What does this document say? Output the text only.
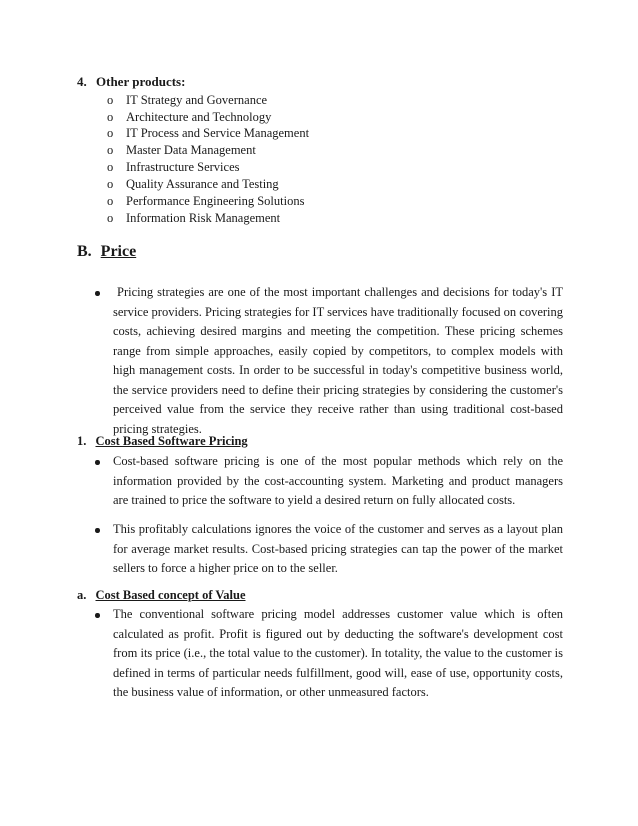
4. Other products:
o IT Strategy and Governance
o Architecture and Technology
o IT Process and Service Management
o Master Data Management
o Infrastructure Services
o Quality Assurance and Testing
o Performance Engineering Solutions
o Information Risk Management
B. Price
Pricing strategies are one of the most important challenges and decisions for today's IT service providers. Pricing strategies for IT services have traditionally focused on covering costs, achieving desired margins and meeting the competition. These pricing schemes range from simple approaches, easily copied by competitors, to complex models with high management costs. In order to be successful in today's competitive business world, the service providers need to define their pricing strategies by considering the customer's perceived value from the service they receive rather than using traditional cost-based pricing strategies.
1. Cost Based Software Pricing
Cost-based software pricing is one of the most popular methods which rely on the information provided by the cost-accounting system. Marketing and product managers are trained to price the software to yield a desired return on fully allocated costs.
This profitably calculations ignores the voice of the customer and serves as a layout plan for average market results. Cost-based pricing strategies can tap the power of the market sellers to force a higher price on to the seller.
a. Cost Based concept of Value
The conventional software pricing model addresses customer value which is often calculated as profit. Profit is figured out by deducting the software's development cost from its price (i.e., the total value to the customer). In totality, the value to the customer is defined in terms of particular needs fulfillment, good will, ease of use, opportunity costs, the business value of information, or other unmeasured factors.
